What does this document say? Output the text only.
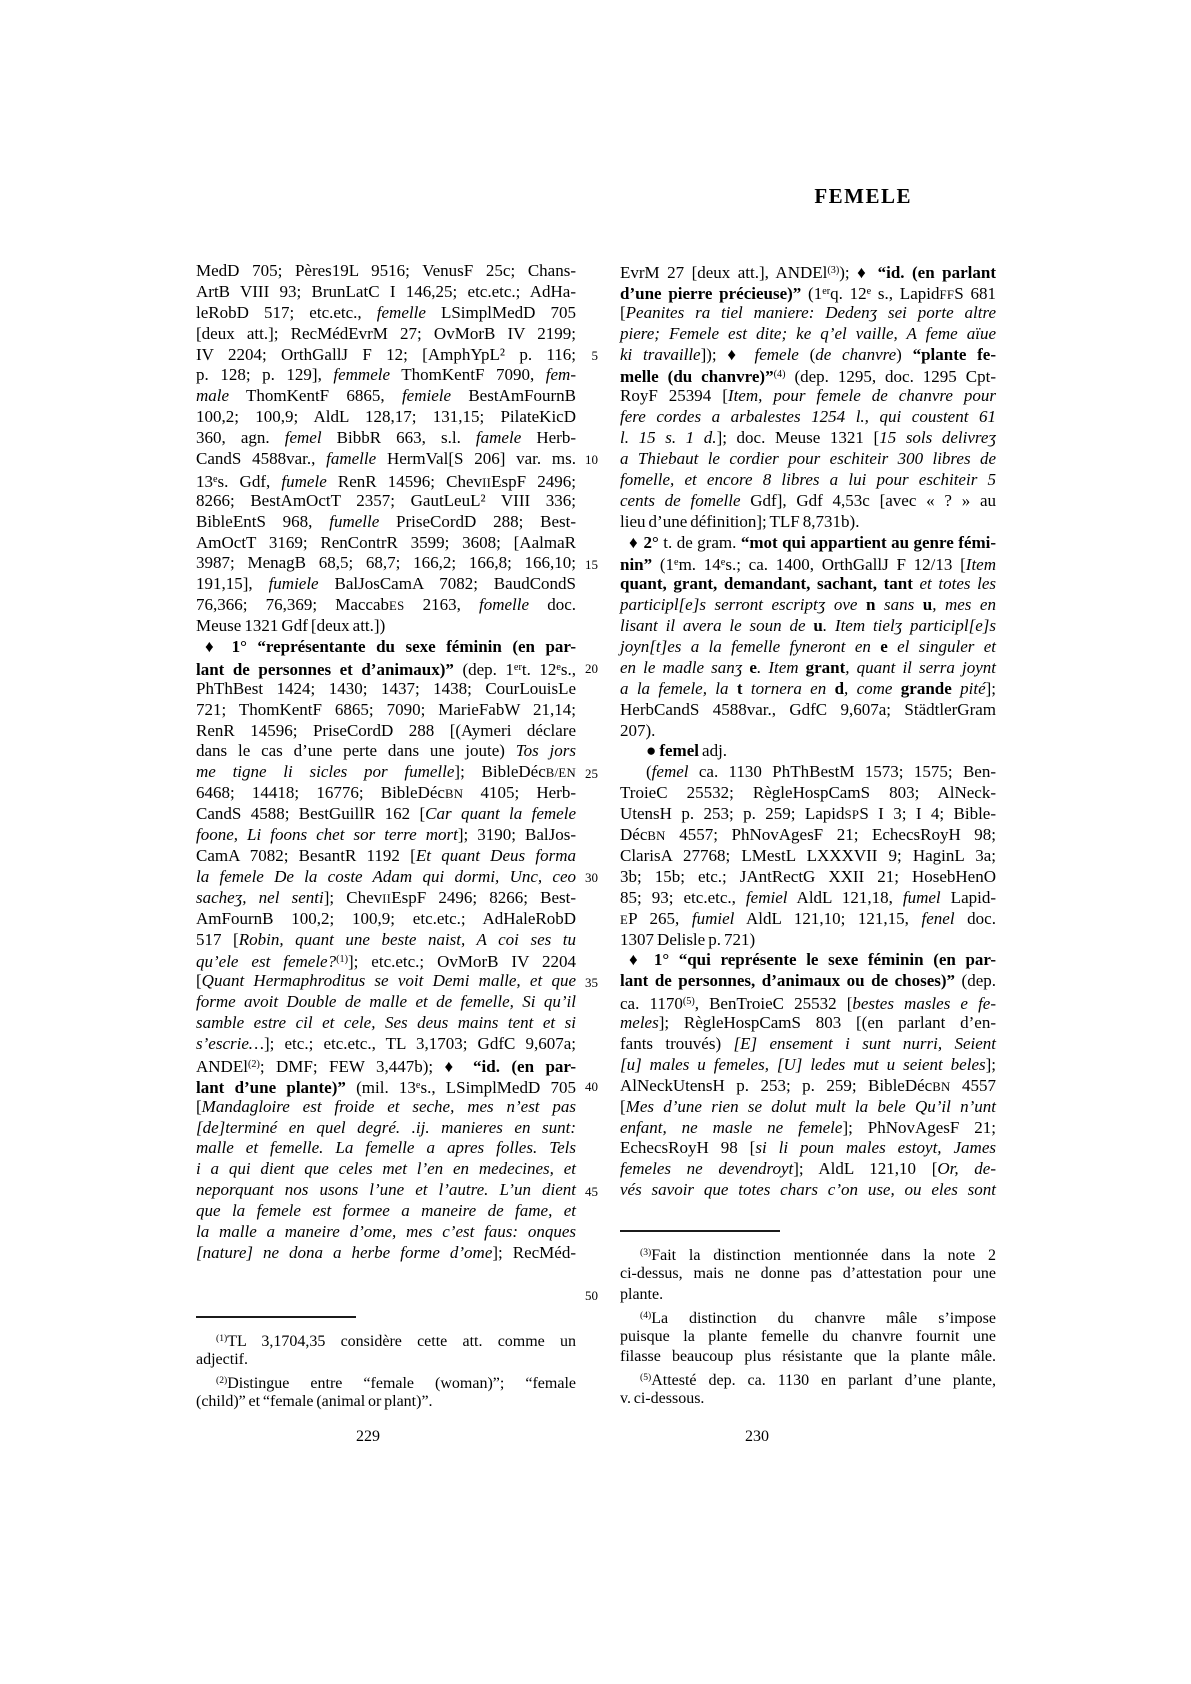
FEMELE
MedD 705; Pères19L 9516; VenusF 25c; Chans-
ArtB VIII 93; BrunLatC I 146,25; etc.etc.; AdHa-
leRobD 517; etc.etc., femelle LSimplMedD 705
[deux att.]; RecMédEvrM 27; OvMorB IV 2199;
IV 2204; OrthGallJ F 12; [AmphYpL² p. 116;
p. 128; p. 129], femmele ThomKentF 7090, fem-
male ThomKentF 6865, femiele BestAmFournB
100,2; 100,9; AldL 128,17; 131,15; PilateKicD
360, agn. femel BibbR 663, s.l. famele Herb-
CandS 4588var., famelle HermVal[S 206] var. ms.
13es. Gdf, fumele RenR 14596; ChevIIEspF 2496;
8266; BestAmOctT 2357; GautLeuL² VIII 336;
BibleEntS 968, fumelle PriseCordD 288; Best-
AmOctT 3169; RenContrR 3599; 3608; [AalmaR
3987; MenagB 68,5; 68,7; 166,2; 166,8; 166,10;
191,15], fumiele BalJosCamA 7082; BaudCondS
76,366; 76,369; MaccabES 2163, fomelle doc.
Meuse 1321 Gdf [deux att.])
♦ 1° “représentante du sexe féminin (en par-
lant de personnes et d’animaux)” (dep. 1ert. 12es.,
PhThBest 1424; 1430; 1437; 1438; CourLouisLe
721; ThomKentF 6865; 7090; MarieFabW 21,14;
RenR 14596; PriseCordD 288 [(Aymeri déclare
dans le cas d’une perte dans une joute) Tos jors
me tigne li sicles por fumelle]; BibleDécB/EN
6468; 14418; 16776; BibleDécBN 4105; Herb-
CandS 4588; BestGuillR 162 [Car quant la femele
foone, Li foons chet sor terre mort]; 3190; BalJos-
CamA 7082; BesantR 1192 [Et quant Deus forma
la femele De la coste Adam qui dormi, Unc, ceo
sacheʒ, nel senti]; ChevIIEspF 2496; 8266; Best-
AmFournB 100,2; 100,9; etc.etc.; AdHaleRobD
517 [Robin, quant une beste naist, A coi ses tu
qu’ele est femele?$^{(1)}$]; etc.etc.; OvMorB IV 2204
[Quant Hermaphroditus se voit Demi malle, et que
forme avoit Double de malle et de femelle, Si qu’il
samble estre cil et cele, Ses deus mains tent et si
s’escrie…]; etc.; etc.etc., TL 3,1703; GdfC 9,607a;
ANDEl$^{(2)}$; DMF; FEW 3,447b); ♦ “id. (en par-
lant d’une plante)” (mil. 13es., LSimplMedD 705
[Mandagloire est froide et seche, mes n’est pas
[de]terminé en quel degré. .ij. manieres en sunt:
malle et femelle. La femelle a apres folles. Tels
i a qui dient que celes met l’en en medecines, et
neporquant nos usons l’une et l’autre. L’un dient
que la femele est formee a maneire de fame, et
la malle a maneire d’ome, mes c’est faus: onques
[nature] ne dona a herbe forme d’ome]; RecMéd-
EvrM 27 [deux att.], ANDEl$^{(3)}$); ♦ “id. (en parlant
d’une pierre précieuse)” (1erq. 12e s., LapidFFS 681
[Peanites ra tiel maniere: Dedenʒ sei porte altre
piere; Femele est dite; ke q’el vaille, A feme aïue
ki travaille]); ♦ femele (de chanvre) “plante fe-
melle (du chanvre)”$^{(4)}$ (dep. 1295, doc. 1295 Cpt-
RoyF 25394 [Item, pour femele de chanvre pour
fere cordes a arbalestes 1254 l., qui coustent 61
l. 15 s. 1 d.]; doc. Meuse 1321 [15 sols delivreʒ
a Thiebaut le cordier pour eschiteir 300 libres de
fomelle, et encore 8 libres a lui pour eschiteir 5
cents de fomelle Gdf], Gdf 4,53c [avec « ? » au
lieu d’une définition]; TLF 8,731b).
♦ 2° t. de gram. “mot qui appartient au genre fémi-
nin” (1em. 14es.; ca. 1400, OrthGallJ F 12/13 [Item
quant, grant, demandant, sachant, tant et totes les
participl[e]s serront escriptʒ ove n sans u, mes en
lisant il avera le soun de u. Item tielʒ participl[e]s
joyn[t]es a la femelle fyneront en e el singuler et
en le madle sanʒ e. Item grant, quant il serra joynt
a la femele, la t tornera en d, come grande pité];
HerbCandS 4588var., GdfC 9,607a; StädtlerGram
207).
● femel adj.
(femel ca. 1130 PhThBestM 1573; 1575; Ben-
TroieC 25532; RègleHospCamS 803; AlNeck-
UtensH p. 253; p. 259; LapidSPS I 3; I 4; Bible-
DécBN 4557; PhNovAgesF 21; EchecsRoyH 98;
ClarisA 27768; LMestL LXXXVII 9; HaginL 3a;
3b; 15b; etc.; JAntRectG XXII 21; HosebHenO
85; 93; etc.etc., femiel AldL 121,18, fumel Lapid-
EP 265, fumiel AldL 121,10; 121,15, fenel doc.
1307 Delisle p. 721)
♦ 1° “qui représente le sexe féminin (en par-
lant de personnes, d’animaux ou de choses)” (dep.
ca. 1170$^{(5)}$, BenTroieC 25532 [bestes masles e fe-
meles]; RègleHospCamS 803 [(en parlant d’en-
fants trouvés) [E] ensement i sunt nurri, Seient
[u] males u femeles, [U] ledes mut u seient beles];
AlNeckUtensH p. 253; p. 259; BibleDécBN 4557
[Mes d’une rien se dolut mult la bele Qu’il n’unt
enfant, ne masle ne femele]; PhNovAgesF 21;
EchecsRoyH 98 [si li poun males estoyt, James
femeles ne devendroyt]; AldL 121,10 [Or, de-
vés savoir que totes chars c’on use, ou eles sont
5
10
15
20
25
30
35
40
45
50
$^{(1)}$TL 3,1704,35 considère cette att. comme un
adjectif.
$^{(2)}$Distingue entre “female (woman)”; “female
(child)” et “female (animal or plant)”.
$^{(3)}$Fait la distinction mentionnée dans la note 2
ci-dessus, mais ne donne pas d’attestation pour une
plante.
$^{(4)}$La distinction du chanvre mâle s’impose
puisque la plante femelle du chanvre fournit une
filasse beaucoup plus résistante que la plante mâle.
$^{(5)}$Attesté dep. ca. 1130 en parlant d’une plante,
v. ci-dessous.
229	230
